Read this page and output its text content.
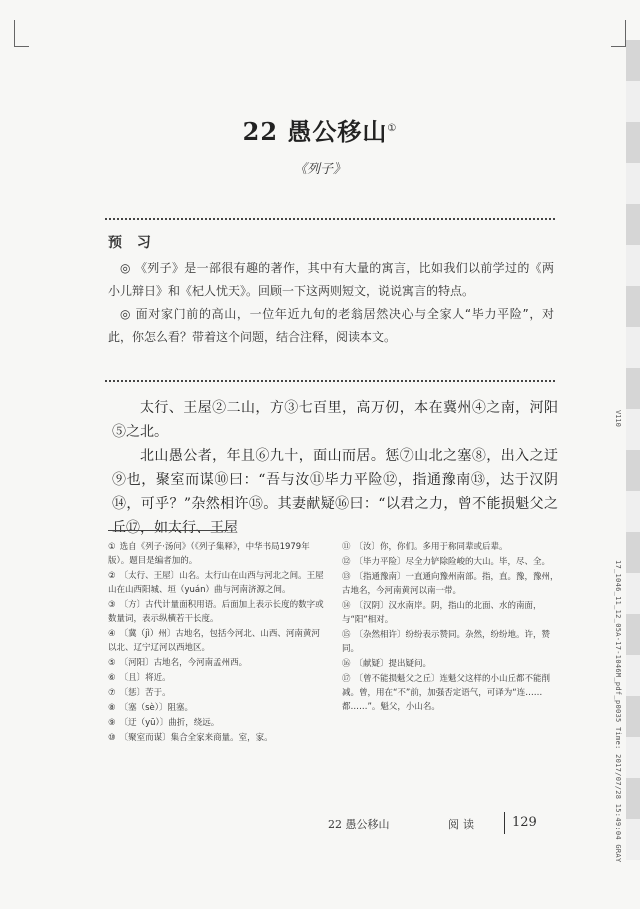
V110
17_1046_11_12_05A-17-1046M_pdf_p0035 Time: 2017/07/28 15:49:04 GRAY
22 愚公移山①
《列子》
预 习

◎ 《列子》是一部很有趣的著作，其中有大量的寓言，比如我们以前学过的《两小儿辩日》和《杞人忧天》。回顾一下这两则短文，说说寓言的特点。

◎ 面对家门前的高山，一位年近九旬的老翁居然决心与全家人“毕力平险”，对此，你怎么看？带着这个问题，结合注释，阅读本文。

太行、王屋②二山，方③七百里，高万仞，本在冀州④之南，河阳⑤之北。

北山愚公者，年且⑥九十，面山而居。惩⑦山北之塞⑧，出入之迂⑨也，聚室而谋⑩曰：“吾与汝⑪毕力平险⑫，指通豫南⑬，达于汉阴⑭，可乎？”杂然相许⑮。其妻献疑⑯曰：“以君之力，曾不能损魁父之丘⑰，如太行、王屋

① 选自《列子·汤问》（《列子集释》，中华书局1979年版）。题目是编者加的。
② 〔太行、王屋〕山名。太行山在山西与河北之间。王屋山在山西阳城、垣（yuán）曲与河南济源之间。
③ 〔方〕古代计量面积用语。后面加上表示长度的数字或数量词，表示纵横若干长度。
④ 〔冀（jì）州〕古地名，包括今河北、山西、河南黄河以北、辽宁辽河以西地区。
⑤ 〔河阳〕古地名，今河南孟州西。
⑥ 〔且〕将近。
⑦ 〔惩〕苦于。
⑧ 〔塞（sè）〕阻塞。
⑨ 〔迂（yū）〕曲折，绕远。
⑩ 〔聚室而谋〕集合全家来商量。室，家。
⑪ 〔汝〕你，你们。多用于称同辈或后辈。
⑫ 〔毕力平险〕尽全力铲除险峻的大山。毕，尽、全。
⑬ 〔指通豫南〕一直通向豫州南部。指，直。豫，豫州，古地名，今河南黄河以南一带。
⑭ 〔汉阴〕汉水南岸。阴，指山的北面、水的南面，与“阳”相对。
⑮ 〔杂然相许〕纷纷表示赞同。杂然，纷纷地。许，赞同。
⑯ 〔献疑〕提出疑问。
⑰ 〔曾不能损魁父之丘〕连魁父这样的小山丘都不能削减。曾，用在“不”前，加强否定语气，可译为“连……都……”。魁父，小山名。
22 愚公移山	阅读	129
